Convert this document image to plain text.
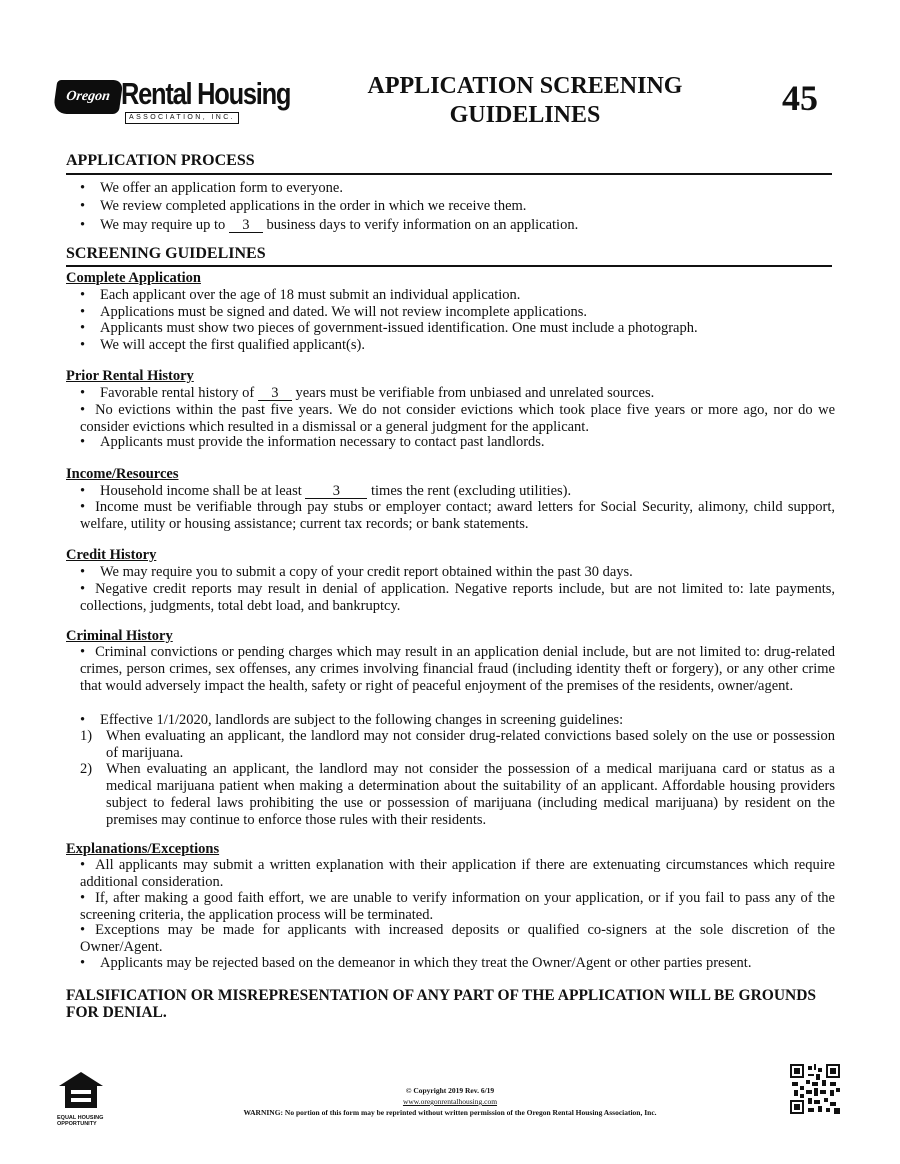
Oregon Rental Housing
ASSOCIATION, INC.
APPLICATION SCREENING
GUIDELINES	45
APPLICATION PROCESS
• We offer an application form to everyone.
• We review completed applications in the order in which we receive them.
• We may require up to 3 business days to verify information on an application.
SCREENING GUIDELINES
Complete Application
• Each applicant over the age of 18 must submit an individual application.
• Applications must be signed and dated. We will not review incomplete applications.
• Applicants must show two pieces of government-issued identification. One must include a photograph.
• We will accept the first qualified applicant(s).
Prior Rental History
• Favorable rental history of 3 years must be verifiable from unbiased and unrelated sources.
• No evictions within the past five years. We do not consider evictions which took place five years or more ago, nor do we consider evictions which resulted in a dismissal or a general judgment for the applicant.
• Applicants must provide the information necessary to contact past landlords.
Income/Resources
• Household income shall be at least 3 times the rent (excluding utilities).
• Income must be verifiable through pay stubs or employer contact; award letters for Social Security, alimony, child support, welfare, utility or housing assistance; current tax records; or bank statements.
Credit History
• We may require you to submit a copy of your credit report obtained within the past 30 days.
• Negative credit reports may result in denial of application. Negative reports include, but are not limited to: late payments, collections, judgments, total debt load, and bankruptcy.
Criminal History
• Criminal convictions or pending charges which may result in an application denial include, but are not limited to: drug-related crimes, person crimes, sex offenses, any crimes involving financial fraud (including identity theft or forgery), or any other crime that would adversely impact the health, safety or right of peaceful enjoyment of the premises of the residents, owner/agent.
• Effective 1/1/2020, landlords are subject to the following changes in screening guidelines:
1) When evaluating an applicant, the landlord may not consider drug-related convictions based solely on the use or possession of marijuana.
2) When evaluating an applicant, the landlord may not consider the possession of a medical marijuana card or status as a medical marijuana patient when making a determination about the suitability of an applicant. Affordable housing providers subject to federal laws prohibiting the use or possession of marijuana (including medical marijuana) by resident on the premises may continue to enforce those rules with their residents.
Explanations/Exceptions
• All applicants may submit a written explanation with their application if there are extenuating circumstances which require additional consideration.
• If, after making a good faith effort, we are unable to verify information on your application, or if you fail to pass any of the screening criteria, the application process will be terminated.
• Exceptions may be made for applicants with increased deposits or qualified co-signers at the sole discretion of the Owner/Agent.
• Applicants may be rejected based on the demeanor in which they treat the Owner/Agent or other parties present.
FALSIFICATION OR MISREPRESENTATION OF ANY PART OF THE APPLICATION WILL BE GROUNDS FOR DENIAL.
EQUAL HOUSING
OPPORTUNITY
© Copyright 2019 Rev. 6/19
www.oregonrentalhousing.com
WARNING: No portion of this form may be reprinted without written permission of the Oregon Rental Housing Association, Inc.
